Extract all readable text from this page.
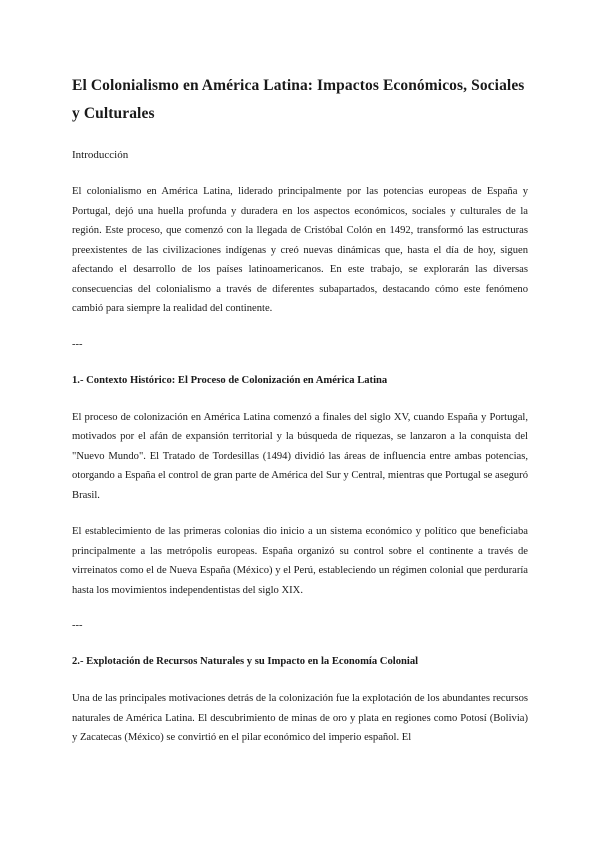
El Colonialismo en América Latina: Impactos Económicos, Sociales y Culturales
Introducción

El colonialismo en América Latina, liderado principalmente por las potencias europeas de España y Portugal, dejó una huella profunda y duradera en los aspectos económicos, sociales y culturales de la región. Este proceso, que comenzó con la llegada de Cristóbal Colón en 1492, transformó las estructuras preexistentes de las civilizaciones indígenas y creó nuevas dinámicas que, hasta el día de hoy, siguen afectando el desarrollo de los países latinoamericanos. En este trabajo, se explorarán las diversas consecuencias del colonialismo a través de diferentes subapartados, destacando cómo este fenómeno cambió para siempre la realidad del continente.

---
1.- Contexto Histórico: El Proceso de Colonización en América Latina

El proceso de colonización en América Latina comenzó a finales del siglo XV, cuando España y Portugal, motivados por el afán de expansión territorial y la búsqueda de riquezas, se lanzaron a la conquista del "Nuevo Mundo". El Tratado de Tordesillas (1494) dividió las áreas de influencia entre ambas potencias, otorgando a España el control de gran parte de América del Sur y Central, mientras que Portugal se aseguró Brasil.

El establecimiento de las primeras colonias dio inicio a un sistema económico y político que beneficiaba principalmente a las metrópolis europeas. España organizó su control sobre el continente a través de virreinatos como el de Nueva España (México) y el Perú, estableciendo un régimen colonial que perduraría hasta los movimientos independentistas del siglo XIX.

---
2.- Explotación de Recursos Naturales y su Impacto en la Economía Colonial

Una de las principales motivaciones detrás de la colonización fue la explotación de los abundantes recursos naturales de América Latina. El descubrimiento de minas de oro y plata en regiones como Potosí (Bolivia) y Zacatecas (México) se convirtió en el pilar económico del imperio español. El
